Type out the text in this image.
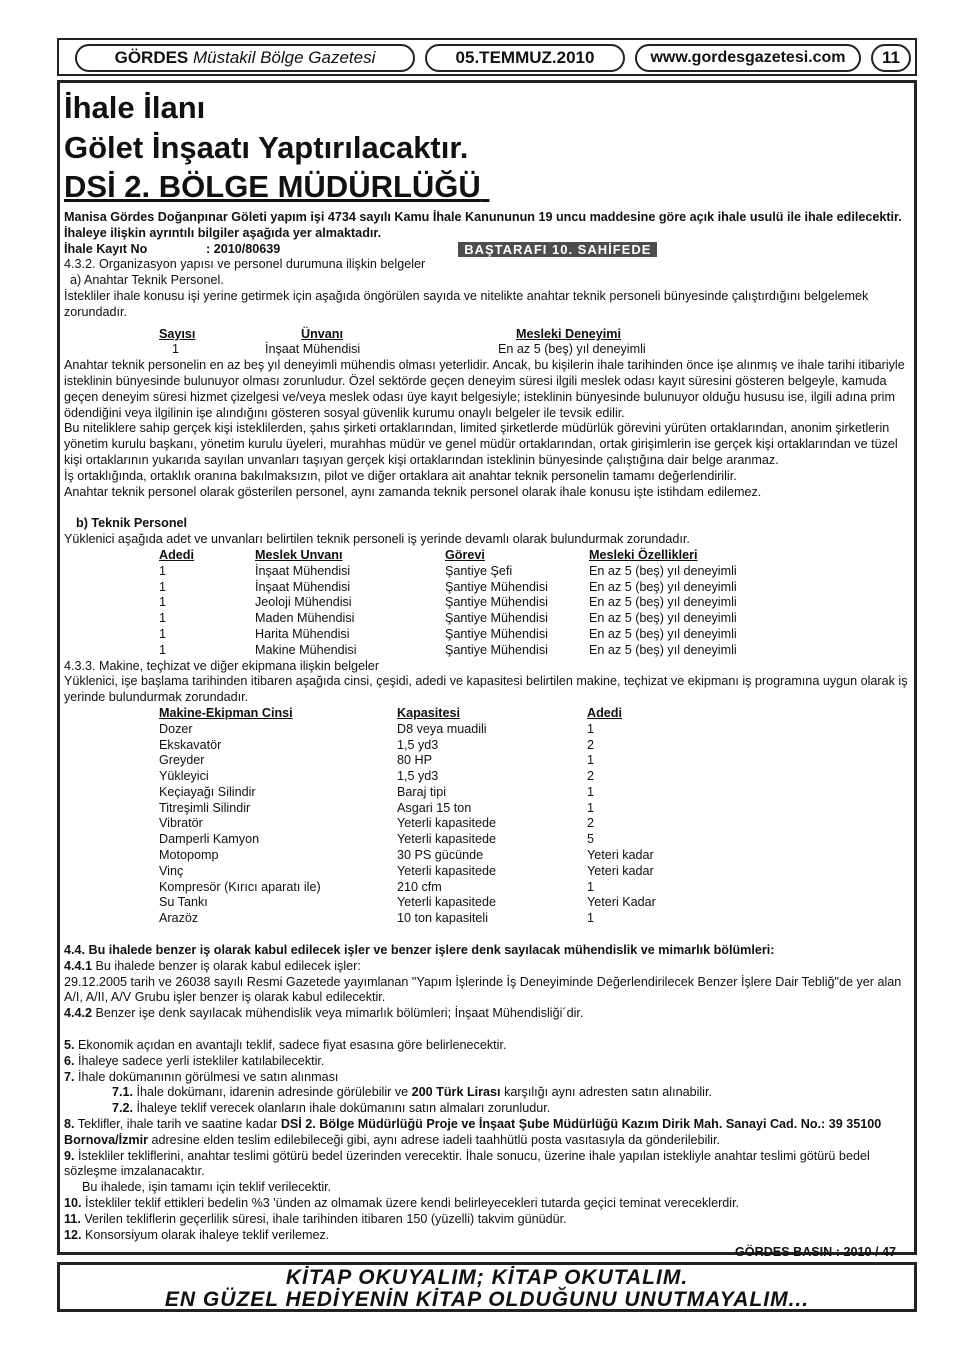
GÖRDES
Müstakil Bölge Gazetesi	05.TEMMUZ.2010	www.gordesgazetesi.com	11
İhale İlanı
Gölet İnşaatı Yaptırılacaktır.
DSİ 2. BÖLGE MÜDÜRLÜĞÜ

Manisa Gördes Doğanpınar Göleti yapım işi 4734 sayılı Kamu İhale Kanununun 19 uncu maddesine göre açık ihale usulü ile ihale edilecektir. İhaleye ilişkin ayrıntılı bilgiler aşağıda yer almaktadır.

İhale Kayıt No	: 2010/80639	BAŞTARAFI 10. SAHİFEDE

4.3.2. Organizasyon yapısı ve personel durumuna ilişkin belgeler

a) Anahtar Teknik Personel.

İstekliler ihale konusu işi yerine getirmek için aşağıda öngörülen sayıda ve nitelikte anahtar teknik personeli bünyesinde çalıştırdığını belgelemek zorundadır.

Sayısı	Ünvanı	Mesleki Deneyimi
1	İnşaat Mühendisi	En az 5 (beş) yıl deneyimli

Anahtar teknik personelin en az beş yıl deneyimli mühendis olması yeterlidir. Ancak, bu kişilerin ihale tarihinden önce işe alınmış ve ihale tarihi itibariyle isteklinin bünyesinde bulunuyor olması zorunludur. Özel sektörde geçen deneyim süresi ilgili meslek odası kayıt süresini gösteren belgeyle, kamuda geçen deneyim süresi hizmet çizelgesi ve/veya meslek odası üye kayıt belgesiyle; isteklinin bünyesinde bulunuyor olduğu hususu ise, ilgili adına prim ödendiğini veya ilgilinin işe alındığını gösteren sosyal güvenlik kurumu onaylı belgeler ile tevsik edilir.

Bu niteliklere sahip gerçek kişi isteklilerden, şahıs şirketi ortaklarından, limited şirketlerde müdürlük görevini yürüten ortaklarından, anonim şirketlerin yönetim kurulu başkanı, yönetim kurulu üyeleri, murahhas müdür ve genel müdür ortaklarından, ortak girişimlerin ise gerçek kişi ortaklarından ve tüzel kişi ortaklarının yukarıda sayılan unvanları taşıyan gerçek kişi ortaklarından isteklinin bünyesinde çalıştığına dair belge aranmaz.

İş ortaklığında, ortaklık oranına bakılmaksızın, pilot ve diğer ortaklara ait anahtar teknik personelin tamamı değerlendirilir.

Anahtar teknik personel olarak gösterilen personel, aynı zamanda teknik personel olarak ihale konusu işte istihdam edilemez.

b) Teknik Personel

Yüklenici aşağıda adet ve unvanları belirtilen teknik personeli iş yerinde devamlı olarak bulundurmak zorundadır.

Adedi	Meslek Unvanı	Görevi	Mesleki Özellikleri
1	İnşaat Mühendisi	Şantiye Şefi	En az 5 (beş) yıl deneyimli
1	İnşaat Mühendisi	Şantiye Mühendisi	En az 5 (beş) yıl deneyimli
1	Jeoloji Mühendisi	Şantiye Mühendisi	En az 5 (beş) yıl deneyimli
1	Maden Mühendisi	Şantiye Mühendisi	En az 5 (beş) yıl deneyimli
1	Harita Mühendisi	Şantiye Mühendisi	En az 5 (beş) yıl deneyimli
1	Makine Mühendisi	Şantiye Mühendisi	En az 5 (beş) yıl deneyimli

4.3.3. Makine, teçhizat ve diğer ekipmana ilişkin belgeler

Yüklenici, işe başlama tarihinden itibaren aşağıda cinsi, çeşidi, adedi ve kapasitesi belirtilen makine, teçhizat ve ekipmanı iş programına uygun olarak iş yerinde bulundurmak zorundadır.

Makine-Ekipman Cinsi	Kapasitesi	Adedi
Dozer	D8 veya muadili	1
Ekskavatör	1,5 yd3	2
Greyder	80 HP	1
Yükleyici	1,5 yd3	2
Keçiayağı Silindir	Baraj tipi	1
Titreşimli Silindir	Asgari 15 ton	1
Vibratör	Yeterli kapasitede	2
Damperli Kamyon	Yeterli kapasitede	5
Motopomp	30 PS gücünde	Yeteri kadar
Vinç	Yeterli kapasitede	Yeteri kadar
Kompresör (Kırıcı aparatı ile)	210 cfm	1
Su Tankı	Yeterli kapasitede	Yeteri Kadar
Arazöz	10 ton kapasiteli	1

4.4. Bu ihalede benzer iş olarak kabul edilecek işler ve benzer işlere denk sayılacak mühendislik ve mimarlık bölümleri:

4.4.1 Bu ihalede benzer iş olarak kabul edilecek işler:

29.12.2005 tarih ve 26038 sayılı Resmi Gazetede yayımlanan "Yapım İşlerinde İş Deneyiminde Değerlendirilecek Benzer İşlere Dair Tebliğ"de yer alan A/I, A/II, A/V Grubu işler benzer iş olarak kabul edilecektir.

4.4.2 Benzer işe denk sayılacak mühendislik veya mimarlık bölümleri; İnşaat Mühendisliği´dir.

5. Ekonomik açıdan en avantajlı teklif, sadece fiyat esasına göre belirlenecektir.

6. İhaleye sadece yerli istekliler katılabilecektir.

7. İhale dokümanının görülmesi ve satın alınması

7.1. İhale dokümanı, idarenin adresinde görülebilir ve 200 Türk Lirası karşılığı aynı adresten satın alınabilir.

7.2. İhaleye teklif verecek olanların ihale dokümanını satın almaları zorunludur.

8. Teklifler, ihale tarih ve saatine kadar DSİ 2. Bölge Müdürlüğü Proje ve İnşaat Şube Müdürlüğü Kazım Dirik Mah. Sanayi Cad. No.: 39 35100 Bornova/İzmir adresine elden teslim edilebileceği gibi, aynı adrese iadeli taahhütlü posta vasıtasıyla da gönderilebilir.

9. İstekliler tekliflerini, anahtar teslimi götürü bedel üzerinden verecektir. İhale sonucu, üzerine ihale yapılan istekliyle anahtar teslimi götürü bedel sözleşme imzalanacaktır.

Bu ihalede, işin tamamı için teklif verilecektir.

10. İstekliler teklif ettikleri bedelin %3 'ünden az olmamak üzere kendi belirleyecekleri tutarda geçici teminat vereceklerdir.

11. Verilen tekliflerin geçerlilik süresi, ihale tarihinden itibaren 150 (yüzelli) takvim günüdür.

12. Konsorsiyum olarak ihaleye teklif verilemez.

GÖRDES BASIN : 2010 / 47

KİTAP OKUYALIM; KİTAP OKUTALIM.
EN GÜZEL HEDİYENİN KİTAP OLDUĞUNU UNUTMAYALIM...
